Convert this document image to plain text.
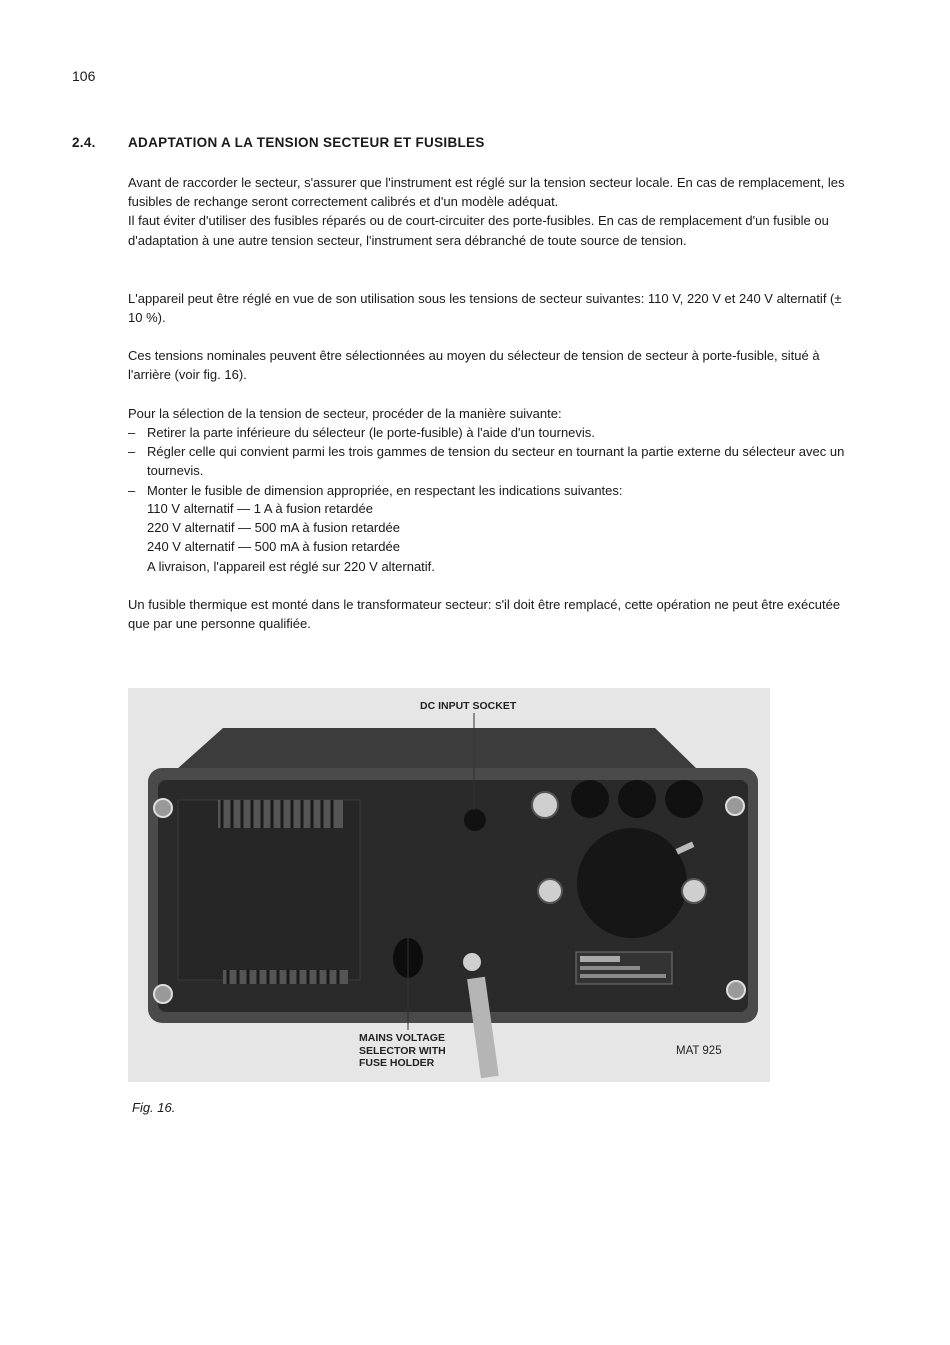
106
2.4. ADAPTATION A LA TENSION SECTEUR ET FUSIBLES
Avant de raccorder le secteur, s'assurer que l'instrument est réglé sur la tension secteur locale. En cas de remplacement, les fusibles de rechange seront correctement calibrés et d'un modèle adéquat.
Il faut éviter d'utiliser des fusibles réparés ou de court-circuiter des porte-fusibles. En cas de remplacement d'un fusible ou d'adaptation à une autre tension secteur, l'instrument sera débranché de toute source de tension.

L'appareil peut être réglé en vue de son utilisation sous les tensions de secteur suivantes: 110 V, 220 V et 240 V alternatif (± 10 %).

Ces tensions nominales peuvent être sélectionnées au moyen du sélecteur de tension de secteur à porte-fusible, situé à l'arrière (voir fig. 16).

Pour la sélection de la tension de secteur, procéder de la manière suivante:

– Retirer la parte inférieure du sélecteur (le porte-fusible) à l'aide d'un tournevis.
– Régler celle qui convient parmi les trois gammes de tension du secteur en tournant la partie externe du sélecteur avec un tournevis.
– Monter le fusible de dimension appropriée, en respectant les indications suivantes:
110 V alternatif — 1 A à fusion retardée
220 V alternatif — 500 mA à fusion retardée
240 V alternatif — 500 mA à fusion retardée
A livraison, l'appareil est réglé sur 220 V alternatif.

Un fusible thermique est monté dans le transformateur secteur: s'il doit être remplacé, cette opération ne peut être exécutée que par une personne qualifiée.

DC INPUT SOCKET
MAINS VOLTAGE
SELECTOR WITH
FUSE HOLDER
MAT 925
Fig. 16.
